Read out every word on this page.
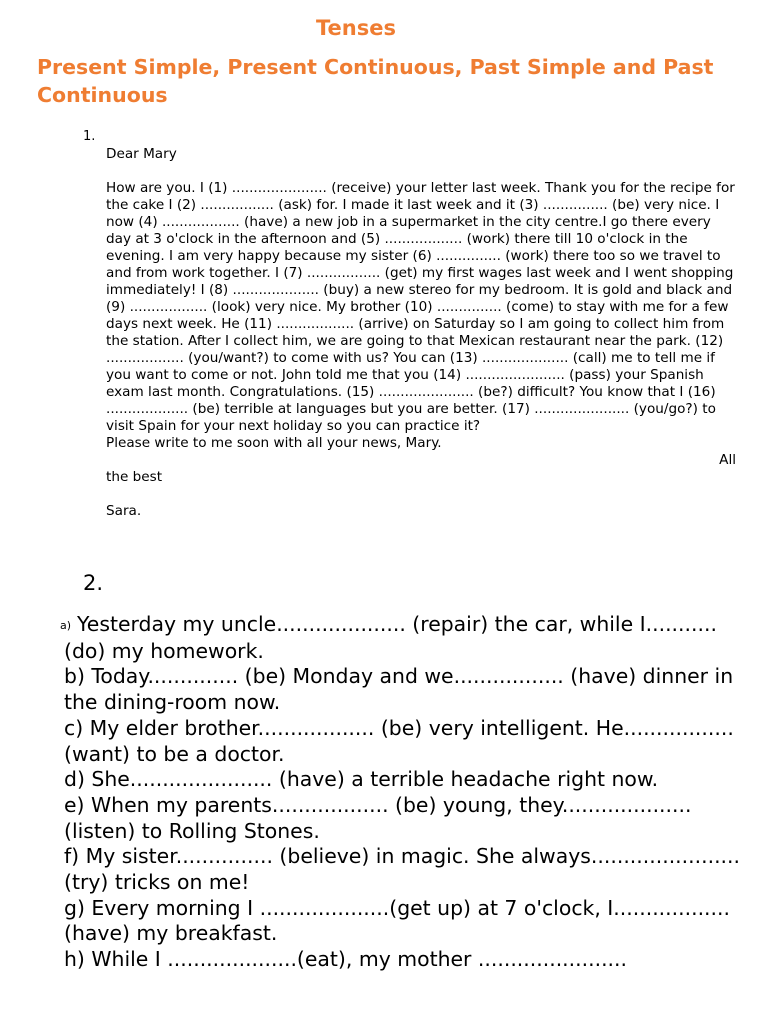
Tenses
Present Simple, Present Continuous, Past Simple and Past Continuous
1.

Dear Mary

How are you. I (1) ...................... (receive) your letter last week. Thank you for the recipe for the cake I (2) ................. (ask) for. I made it last week and it (3) ............... (be) very nice. I now (4) .................. (have) a new job in a supermarket in the city centre.I go there every day at 3 o'clock in the afternoon and (5) .................. (work) there till 10 o'clock in the evening. I am very happy because my sister (6) ............... (work) there too so we travel to and from work together. I (7) ................. (get) my first wages last week and I went shopping immediately! I (8) .................... (buy) a new stereo for my bedroom. It is gold and black and (9) .................. (look) very nice. My brother (10) ............... (come) to stay with me for a few days next week. He (11) .................. (arrive) on Saturday so I am going to collect him from the station. After I collect him, we are going to that Mexican restaurant near the park. (12) .................. (you/want?) to come with us? You can (13) .................... (call) me to tell me if you want to come or not. John told me that you (14) ....................... (pass) your Spanish exam last month. Congratulations. (15) ...................... (be?) difficult? You know that I (16) ................... (be) terrible at languages but you are better. (17) ...................... (you/go?) to visit Spain for your next holiday so you can practice it?

Please write to me soon with all your news, Mary.

All

the best

Sara.

2.

a) Yesterday my uncle.................... (repair) the car, while I........... (do) my homework.

b) Today.............. (be) Monday and we................. (have) dinner in the dining-room now.

c) My elder brother.................. (be) very intelligent. He................. (want) to be a doctor.

d) She...................... (have) a terrible headache right now.

e) When my parents.................. (be) young, they....................(listen) to Rolling Stones.

f) My sister............... (believe) in magic. She always....................... (try) tricks on me!

g) Every morning I ....................(get up) at 7 o'clock, I.................. (have) my breakfast.

h) While I ....................(eat), my mother .......................
